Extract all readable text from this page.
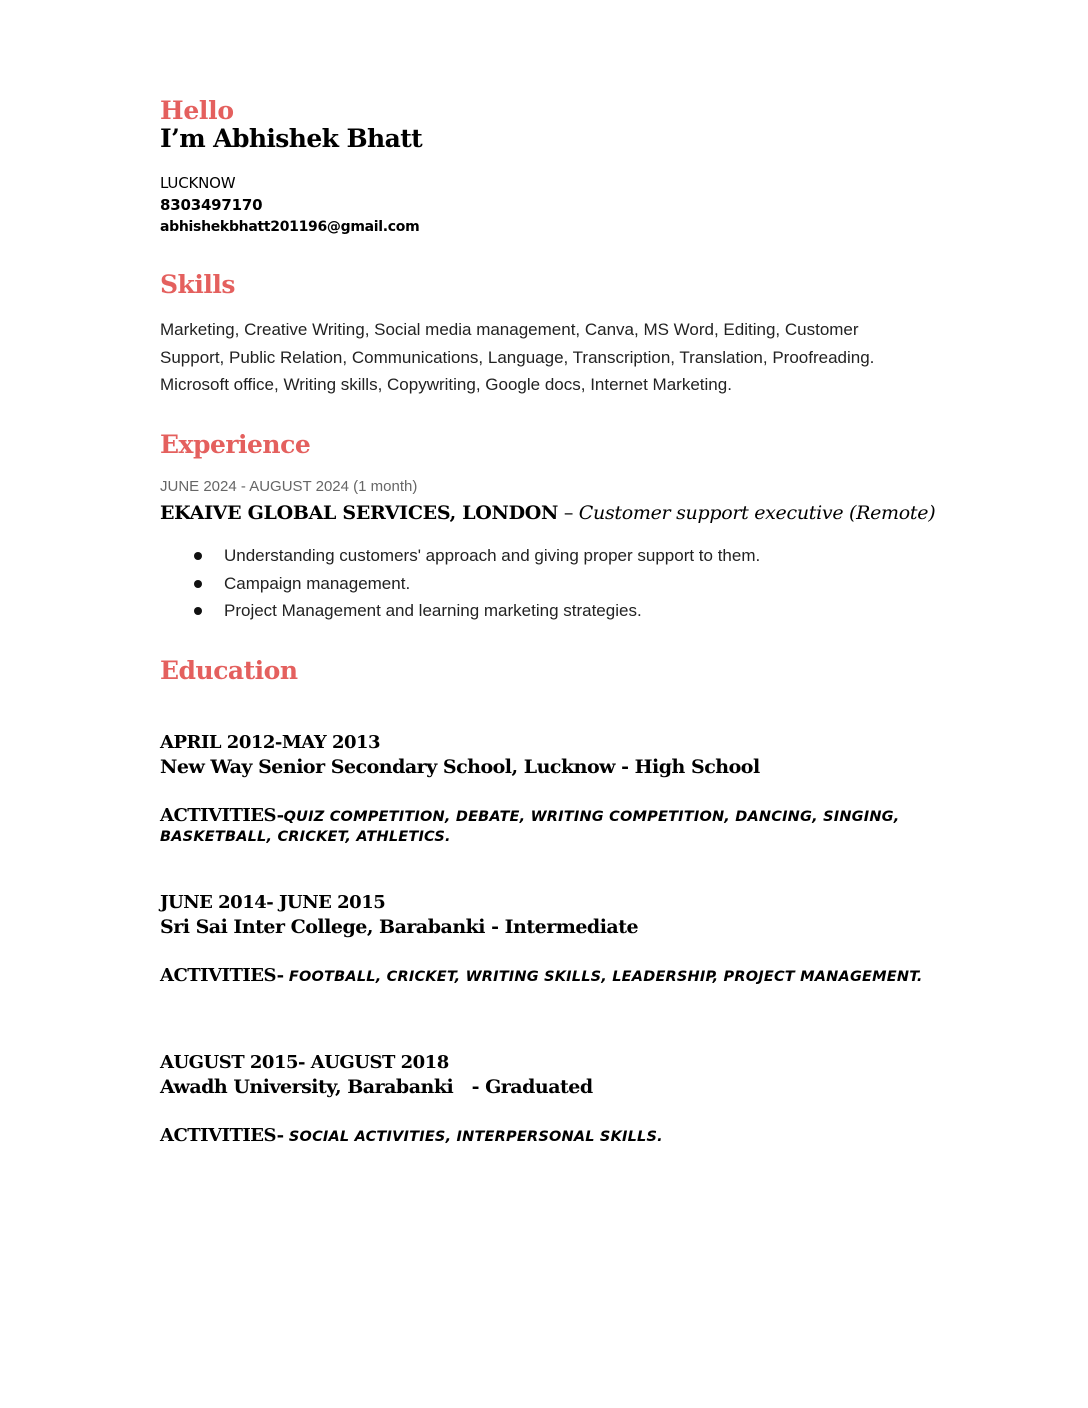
Hello
I’m Abhishek Bhatt
LUCKNOW
8303497170
abhishekbhatt201196@gmail.com
Skills
Marketing, Creative Writing, Social media management, Canva, MS Word, Editing, Customer Support, Public Relation, Communications, Language, Transcription, Translation, Proofreading. Microsoft office, Writing skills, Copywriting, Google docs, Internet Marketing.
Experience
JUNE 2024 - AUGUST 2024 (1 month)
EKAIVE GLOBAL SERVICES, LONDON – Customer support executive (Remote)
Understanding customers' approach and giving proper support to them.
Campaign management.
Project Management and learning marketing strategies.
Education
APRIL 2012-MAY 2013
New Way Senior Secondary School, Lucknow - High School
ACTIVITIES-QUIZ COMPETITION, DEBATE, WRITING COMPETITION, DANCING, SINGING, BASKETBALL, CRICKET, ATHLETICS.
JUNE 2014- JUNE 2015
Sri Sai Inter College, Barabanki - Intermediate
ACTIVITIES- FOOTBALL, CRICKET, WRITING SKILLS, LEADERSHIP, PROJECT MANAGEMENT.
AUGUST 2015- AUGUST 2018
Awadh University, Barabanki   - Graduated
ACTIVITIES- SOCIAL ACTIVITIES, INTERPERSONAL SKILLS.
